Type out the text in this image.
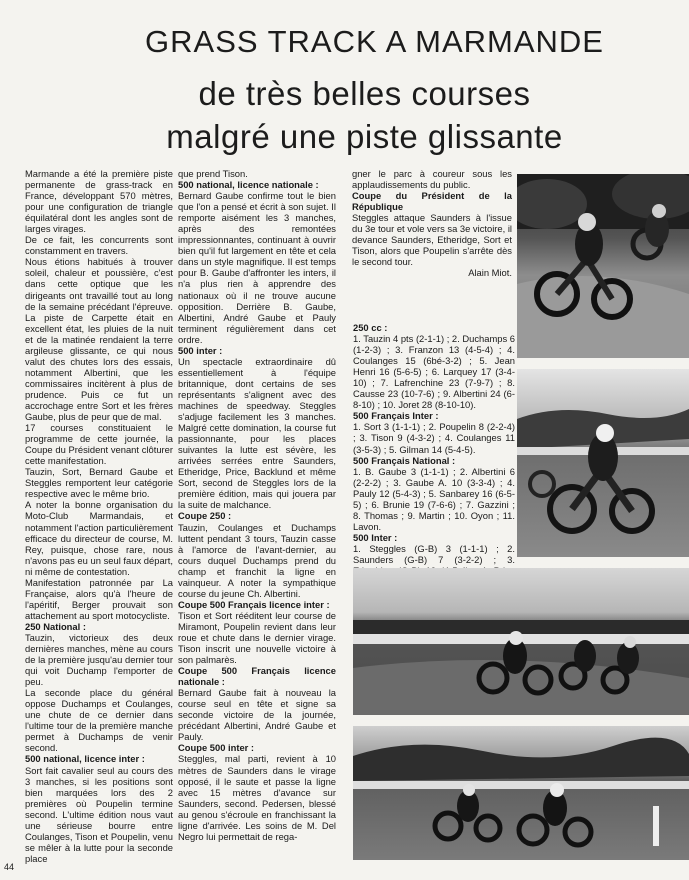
GRASS TRACK A MARMANDE
de très belles courses
malgré une piste glissante

Marmande a été la première piste permanente de grass-track en France, développant 570 mètres, pour une configuration de triangle équilatéral dont les angles sont de larges virages.

De ce fait, les concurrents sont constamment en travers.

Nous étions habitués à trouver soleil, chaleur et poussière, c'est dans cette optique que les dirigeants ont travaillé tout au long de la semaine précédant l'épreuve. La piste de Carpette était en excellent état, les pluies de la nuit et de la matinée rendaient la terre argileuse glissante, ce qui nous valut des chutes lors des essais, notamment Albertini, que les commissaires incitèrent à plus de prudence. Puis ce fut un accrochage entre Sort et les frères Gaube, plus de peur que de mal.

17 courses constituaient le programme de cette journée, la Coupe du Président venant clôturer cette manifestation.

Tauzin, Sort, Bernard Gaube et Steggles remportent leur catégorie respective avec le même brio.

A noter la bonne organisation du Moto-Club Marmandais, et notamment l'action particulièrement efficace du directeur de course, M. Rey, puisque, chose rare, nous n'avons pas eu un seul faux départ, ni même de contestation.

Manifestation patronnée par La Française, alors qu'à l'heure de l'apéritif, Berger prouvait son attachement au sport motocycliste.

250 National :

Tauzin, victorieux des deux dernières manches, mène au cours de la première jusqu'au dernier tour qui voit Duchamp l'emporter de peu.

La seconde place du général oppose Duchamps et Coulanges, une chute de ce dernier dans l'ultime tour de la première manche permet à Duchamps de venir second.

500 national, licence inter :

Sort fait cavalier seul au cours des 3 manches, si les positions sont bien marquées lors des 2 premières où Poupelin termine second. L'ultime édition nous vaut une sérieuse bourre entre Coulanges, Tison et Poupelin, venu se mêler à la lutte pour la seconde place

que prend Tison.

500 national, licence nationale :

Bernard Gaube confirme tout le bien que l'on a pensé et écrit à son sujet. Il remporte aisément les 3 manches, après des remontées impressionnantes, continuant à ouvrir bien qu'il fut largement en tête et cela dans un style magnifique. Il est temps pour B. Gaube d'affronter les inters, il n'a plus rien à apprendre des nationaux où il ne trouve aucune opposition. Derrière B. Gaube, Albertini, André Gaube et Pauly terminent régulièrement dans cet ordre.

500 inter :

Un spectacle extraordinaire dû essentiellement à l'équipe britannique, dont certains de ses représentants s'alignent avec des machines de speedway. Steggles s'adjuge facilement les 3 manches. Malgré cette domination, la course fut passionnante, pour les places suivantes la lutte est sévère, les arrivées serrées entre Saunders, Etheridge, Price, Backlund et même Sort, second de Steggles lors de la première édition, mais qui jouera par la suite de malchance.

Coupe 250 :

Tauzin, Coulanges et Duchamps luttent pendant 3 tours, Tauzin casse à l'amorce de l'avant-dernier, au cours duquel Duchamps prend du champ et franchit la ligne en vainqueur. A noter la sympathique course du jeune Ch. Albertini.

Coupe 500 Français licence inter :

Tison et Sort rééditent leur course de Miramont, Poupelin revient dans leur roue et chute dans le dernier virage. Tison inscrit une nouvelle victoire à son palmarès.

Coupe 500 Français licence nationale :

Bernard Gaube fait à nouveau la course seul en tête et signe sa seconde victoire de la journée, précédant Albertini, André Gaube et Pauly.

Coupe 500 inter :

Steggles, mal parti, revient à 10 mètres de Saunders dans le virage opposé, il le saute et passe la ligne avec 15 mètres d'avance sur Saunders, second. Pedersen, blessé au genou s'écroule en franchissant la ligne d'arrivée. Les soins de M. Del Negro lui permettait de rega-

gner le parc à coureur sous les applaudissements du public.

Coupe du Président de la République

Steggles attaque Saunders à l'issue du 3e tour et vole vers sa 3e victoire, il devance Saunders, Etheridge, Sort et Tison, alors que Poupelin s'arrête dès le second tour.

Alain Miot.

250 cc :

1. Tauzin 4 pts (2-1-1) ; 2. Duchamps 6 (1-2-3) ; 3. Franzon 13 (4-5-4) ; 4. Coulanges 15 (6bé-3-2) ; 5. Jean Henri 16 (5-6-5) ; 6. Larquey 17 (3-4-10) ; 7. Lafrenchine 23 (7-9-7) ; 8. Causse 23 (10-7-6) ; 9. Albertini 24 (6-8-10) ; 10. Joret 28 (8-10-10).

500 Français Inter :

1. Sort 3 (1-1-1) ; 2. Poupelin 8 (2-2-4) ; 3. Tison 9 (4-3-2) ; 4. Coulanges 11 (3-5-3) ; 5. Gilman 14 (5-4-5).

500 Français National :

1. B. Gaube 3 (1-1-1) ; 2. Albertini 6 (2-2-2) ; 3. Gaube A. 10 (3-3-4) ; 4. Pauly 12 (5-4-3) ; 5. Sanbarey 16 (6-5-5) ; 6. Brunie 19 (7-6-6) ; 7. Gazzini ; 8. Thomas ; 9. Martin ; 10. Oyon ; 11. Lavon.

500 Inter :

1. Steggles (G-B) 3 (1-1-1) ; 2. Saunders (G-B) 7 (3-2-2) ; 3.

44
